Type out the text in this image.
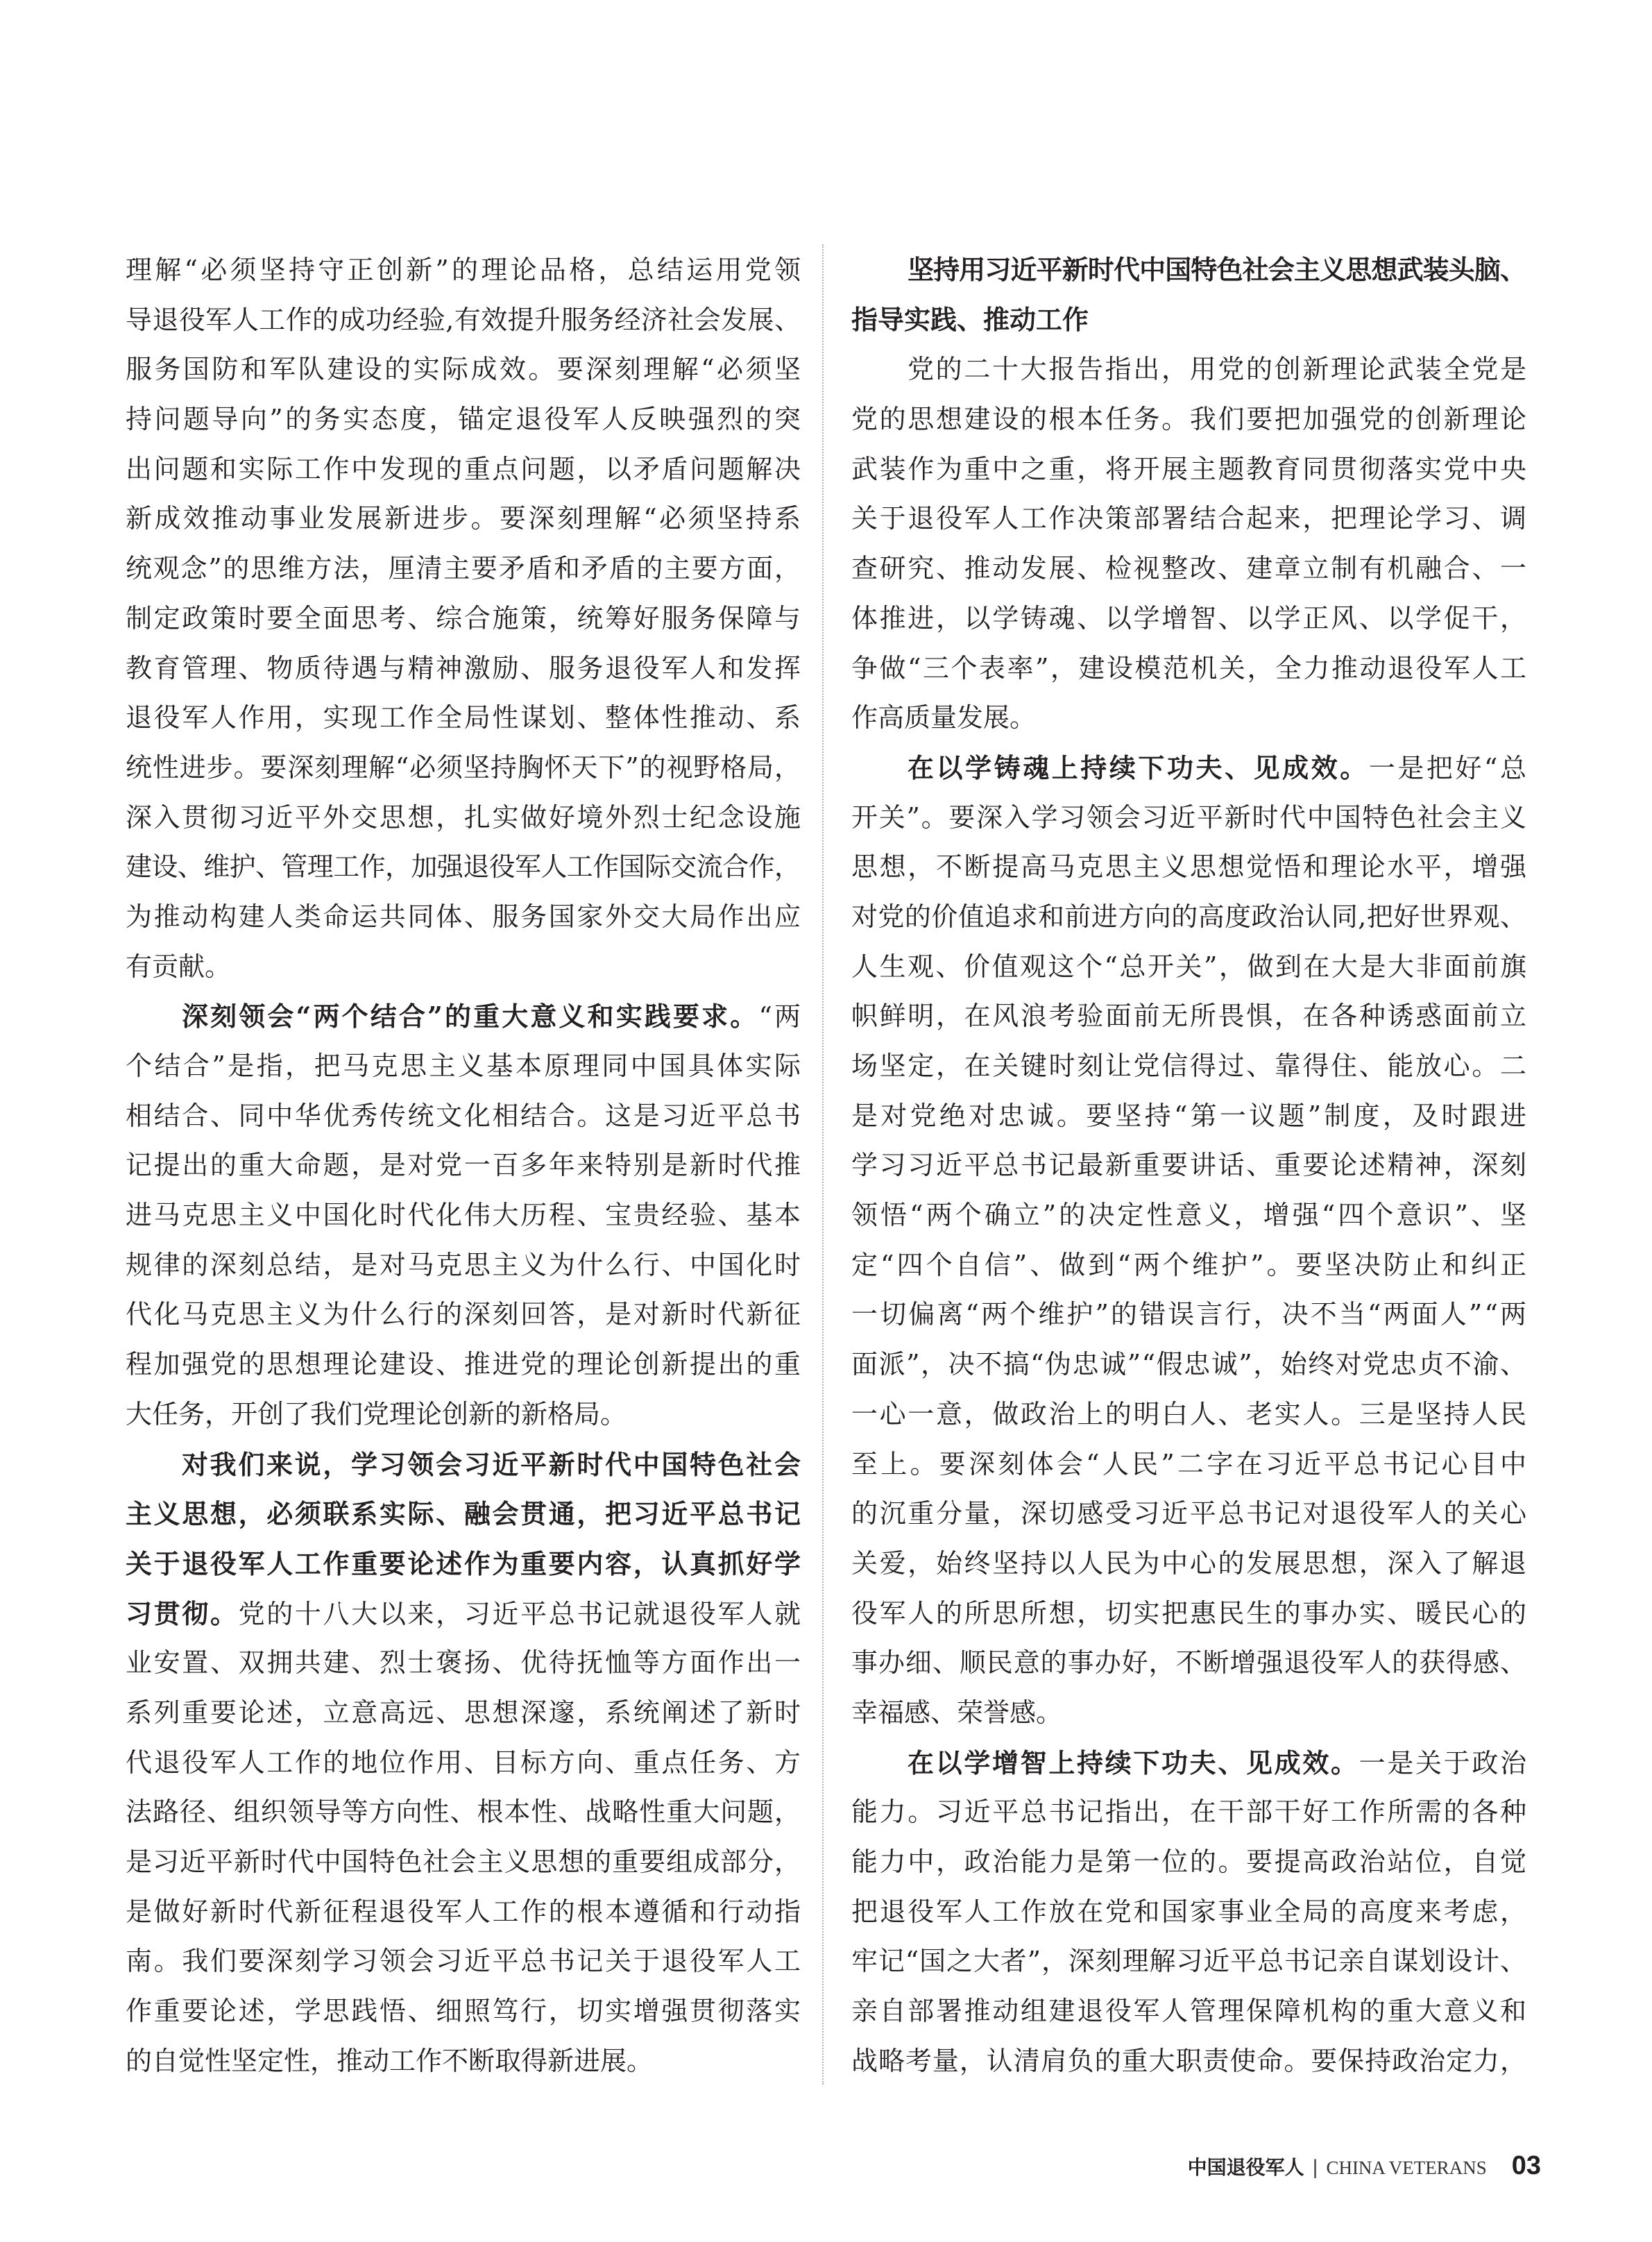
理解“必须坚持守正创新”的理论品格，总结运用党领
导退役军人工作的成功经验,有效提升服务经济社会发展、
服务国防和军队建设的实际成效。要深刻理解“必须坚
持问题导向”的务实态度，锚定退役军人反映强烈的突
出问题和实际工作中发现的重点问题，以矛盾问题解决
新成效推动事业发展新进步。要深刻理解“必须坚持系
统观念”的思维方法，厘清主要矛盾和矛盾的主要方面，
制定政策时要全面思考、综合施策，统筹好服务保障与
教育管理、物质待遇与精神激励、服务退役军人和发挥
退役军人作用，实现工作全局性谋划、整体性推动、系
统性进步。要深刻理解“必须坚持胸怀天下”的视野格局，
深入贯彻习近平外交思想，扎实做好境外烈士纪念设施
建设、维护、管理工作，加强退役军人工作国际交流合作，
为推动构建人类命运共同体、服务国家外交大局作出应
有贡献。
深刻领会“两个结合”的重大意义和实践要求。“两
个结合”是指，把马克思主义基本原理同中国具体实际
相结合、同中华优秀传统文化相结合。这是习近平总书
记提出的重大命题，是对党一百多年来特别是新时代推
进马克思主义中国化时代化伟大历程、宝贵经验、基本
规律的深刻总结，是对马克思主义为什么行、中国化时
代化马克思主义为什么行的深刻回答，是对新时代新征
程加强党的思想理论建设、推进党的理论创新提出的重
大任务，开创了我们党理论创新的新格局。
对我们来说，学习领会习近平新时代中国特色社会
主义思想，必须联系实际、融会贯通，把习近平总书记
关于退役军人工作重要论述作为重要内容，认真抓好学
习贯彻。党的十八大以来，习近平总书记就退役军人就
业安置、双拥共建、烈士褒扬、优待抚恤等方面作出一
系列重要论述，立意高远、思想深邃，系统阐述了新时
代退役军人工作的地位作用、目标方向、重点任务、方
法路径、组织领导等方向性、根本性、战略性重大问题，
是习近平新时代中国特色社会主义思想的重要组成部分，
是做好新时代新征程退役军人工作的根本遵循和行动指
南。我们要深刻学习领会习近平总书记关于退役军人工
作重要论述，学思践悟、细照笃行，切实增强贯彻落实
的自觉性坚定性，推动工作不断取得新进展。
坚持用习近平新时代中国特色社会主义思想武装头脑、
指导实践、推动工作
党的二十大报告指出，用党的创新理论武装全党是
党的思想建设的根本任务。我们要把加强党的创新理论
武装作为重中之重，将开展主题教育同贯彻落实党中央
关于退役军人工作决策部署结合起来，把理论学习、调
查研究、推动发展、检视整改、建章立制有机融合、一
体推进，以学铸魂、以学增智、以学正风、以学促干，
争做“三个表率”，建设模范机关，全力推动退役军人工
作高质量发展。
在以学铸魂上持续下功夫、见成效。一是把好“总
开关”。要深入学习领会习近平新时代中国特色社会主义
思想，不断提高马克思主义思想觉悟和理论水平，增强
对党的价值追求和前进方向的高度政治认同,把好世界观、
人生观、价值观这个“总开关”，做到在大是大非面前旗
帜鲜明，在风浪考验面前无所畏惧，在各种诱惑面前立
场坚定，在关键时刻让党信得过、靠得住、能放心。二
是对党绝对忠诚。要坚持“第一议题”制度，及时跟进
学习习近平总书记最新重要讲话、重要论述精神，深刻
领悟“两个确立”的决定性意义，增强“四个意识”、坚
定“四个自信”、做到“两个维护”。要坚决防止和纠正
一切偏离“两个维护”的错误言行，决不当“两面人”“两
面派”，决不搞“伪忠诚”“假忠诚”，始终对党忠贞不渝、
一心一意，做政治上的明白人、老实人。三是坚持人民
至上。要深刻体会“人民”二字在习近平总书记心目中
的沉重分量，深切感受习近平总书记对退役军人的关心
关爱，始终坚持以人民为中心的发展思想，深入了解退
役军人的所思所想，切实把惠民生的事办实、暖民心的
事办细、顺民意的事办好，不断增强退役军人的获得感、
幸福感、荣誉感。
在以学增智上持续下功夫、见成效。一是关于政治
能力。习近平总书记指出，在干部干好工作所需的各种
能力中，政治能力是第一位的。要提高政治站位，自觉
把退役军人工作放在党和国家事业全局的高度来考虑，
牢记“国之大者”，深刻理解习近平总书记亲自谋划设计、
亲自部署推动组建退役军人管理保障机构的重大意义和
战略考量，认清肩负的重大职责使命。要保持政治定力，
中国退役军人 | CHINA VETERANS 03
